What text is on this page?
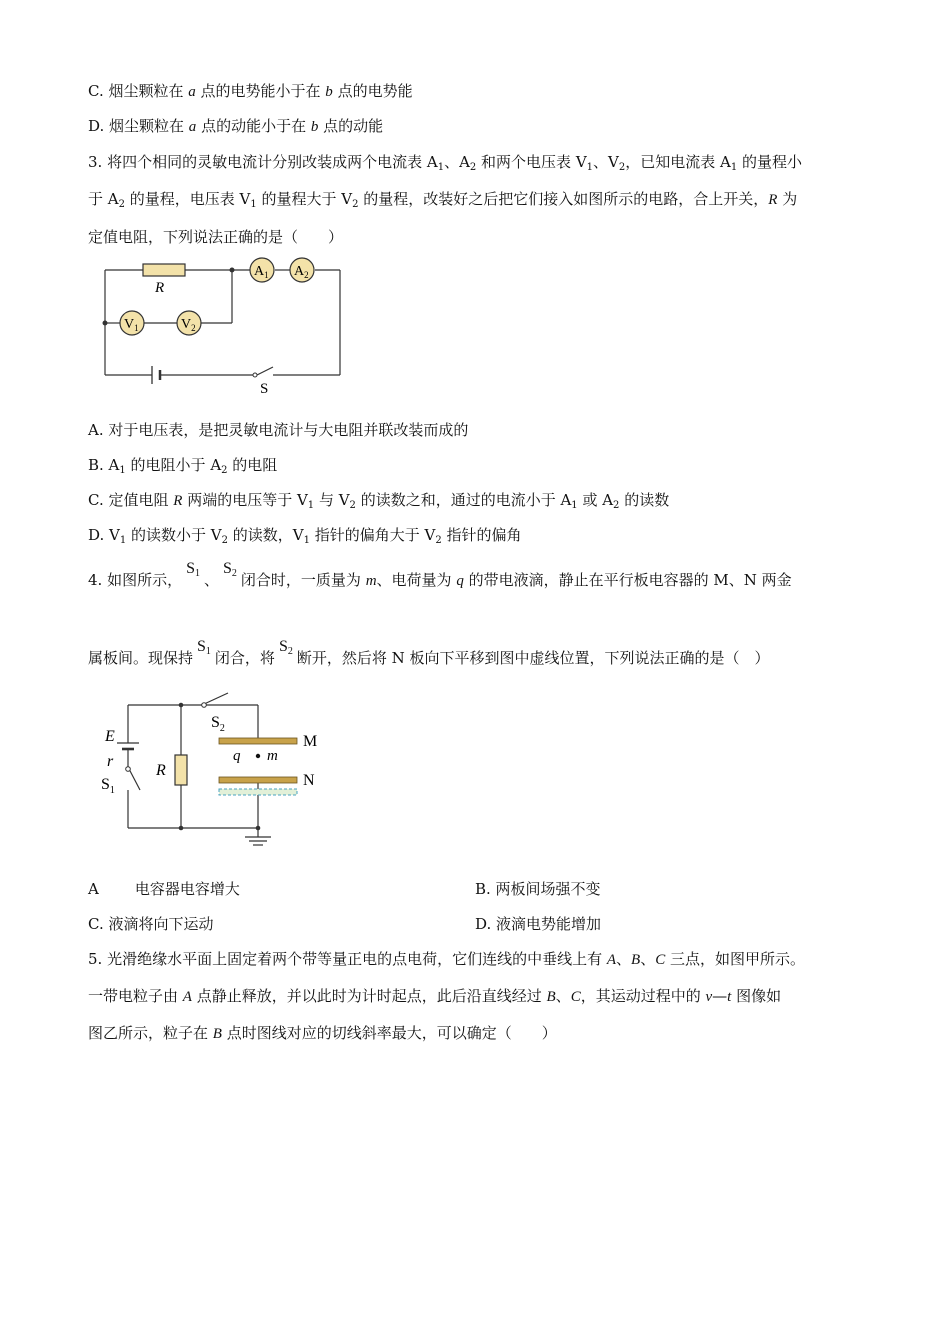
C. 烟尘颗粒在 a 点的电势能小于在 b 点的电势能
D. 烟尘颗粒在 a 点的动能小于在 b 点的动能
3. 将四个相同的灵敏电流计分别改装成两个电流表 $A_1$、$A_2$ 和两个电压表 $V_1$、$V_2$，已知电流表 $A_1$ 的量程小
于 $A_2$ 的量程，电压表 $V_1$ 的量程大于 $V_2$ 的量程，改装好之后把它们接入如图所示的电路，合上开关，R 为
定值电阻，下列说法正确的是（　　）
R
$A_1$ $A_2$
$V_1$	$V_2$
S
A. 对于电压表，是把灵敏电流计与大电阻并联改装而成的
B. $A_1$ 的电阻小于 $A_2$ 的电阻
C. 定值电阻 R 两端的电压等于 $V_1$ 与 $V_2$ 的读数之和，通过的电流小于 $A_1$ 或 $A_2$ 的读数
D. $V_1$ 的读数小于 $V_2$ 的读数，$V_1$ 指针的偏角大于 $V_2$ 指针的偏角
4. 如图所示，$S_1$ 、$S_2$ 闭合时，一质量为 m、电荷量为 q 的带电液滴，静止在平行板电容器的 M、N 两金
属板间。现保持$S_1$ 闭合，将$S_2$ 断开，然后将 N 板向下平移到图中虚线位置，下列说法正确的是（　）
E
r
$S_1$
R
$S_2$
M
N
q m
A 电容器电容增大	B. 两板间场强不变
C. 液滴将向下运动	D. 液滴电势能增加
5. 光滑绝缘水平面上固定着两个带等量正电的点电荷，它们连线的中垂线上有 A、B、C 三点，如图甲所示。
一带电粒子由 A 点静止释放，并以此时为计时起点，此后沿直线经过 B、C，其运动过程中的 v—t 图像如
图乙所示，粒子在 B 点时图线对应的切线斜率最大，可以确定（　　）
